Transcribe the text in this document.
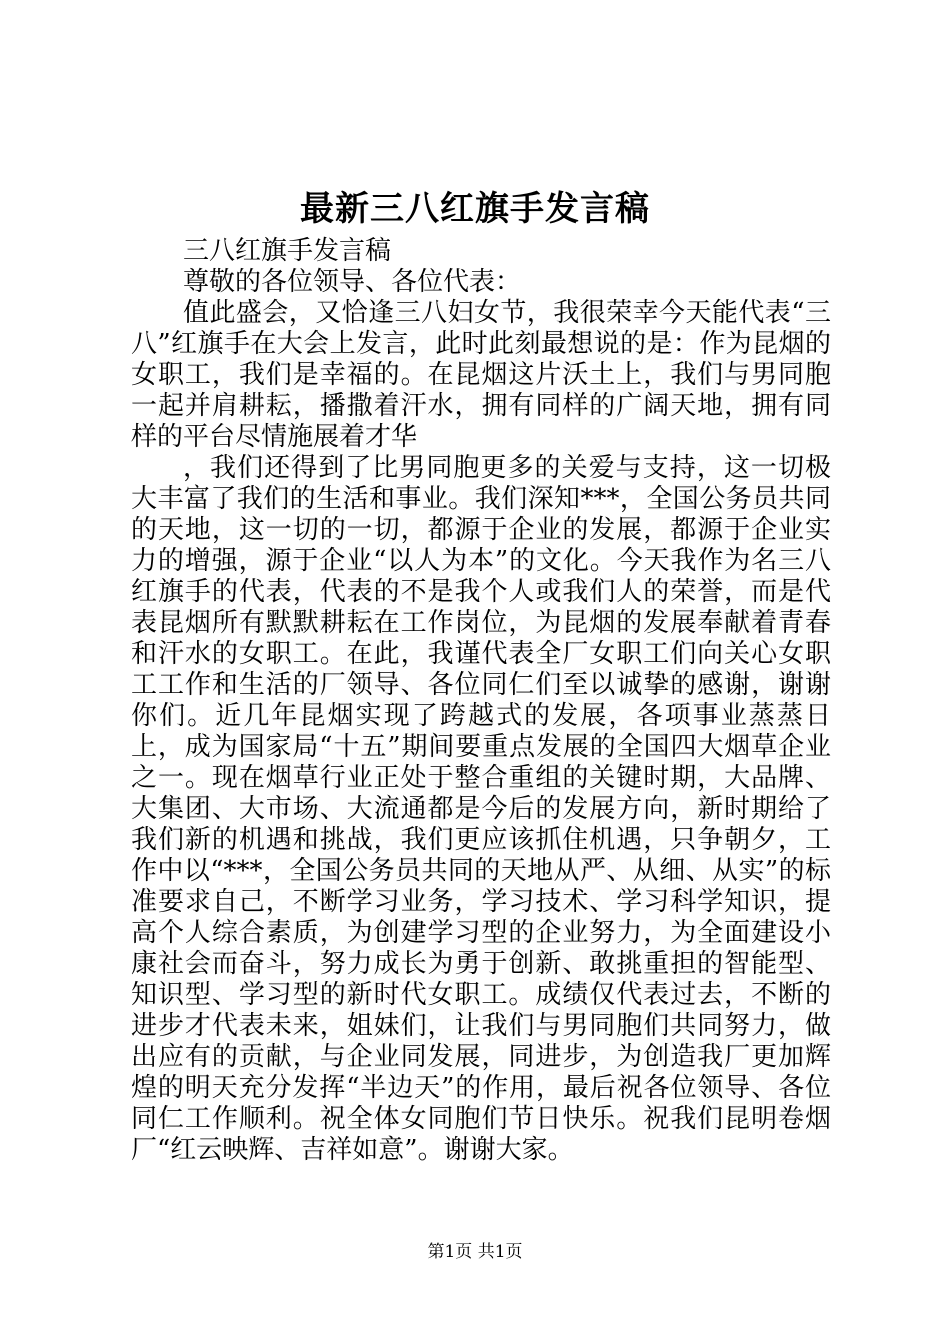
最新三八红旗手发言稿

三八红旗手发言稿

尊敬的各位领导、各位代表：

值此盛会，又恰逢三八妇女节，我很荣幸今天能代表“三八”红旗手在大会上发言，此时此刻最想说的是：作为昆烟的女职工，我们是幸福的。在昆烟这片沃土上，我们与男同胞一起并肩耕耘，播撒着汗水，拥有同样的广阔天地，拥有同样的平台尽情施展着才华

，我们还得到了比男同胞更多的关爱与支持，这一切极大丰富了我们的生活和事业。我们深知***，全国公务员共同的天地，这一切的一切，都源于企业的发展，都源于企业实力的增强，源于企业“以人为本”的文化。今天我作为名三八红旗手的代表，代表的不是我个人或我们人的荣誉，而是代表昆烟所有默默耕耘在工作岗位，为昆烟的发展奉献着青春和汗水的女职工。在此，我谨代表全厂女职工们向关心女职工工作和生活的厂领导、各位同仁们至以诚挚的感谢，谢谢你们。近几年昆烟实现了跨越式的发展，各项事业蒸蒸日上，成为国家局“十五”期间要重点发展的全国四大烟草企业之一。现在烟草行业正处于整合重组的关键时期，大品牌、大集团、大市场、大流通都是今后的发展方向，新时期给了我们新的机遇和挑战，我们更应该抓住机遇，只争朝夕，工作中以“***，全国公务员共同的天地从严、从细、从实”的标准要求自己，不断学习业务，学习技术、学习科学知识，提高个人综合素质，为创建学习型的企业努力，为全面建设小康社会而奋斗，努力成长为勇于创新、敢挑重担的智能型、知识型、学习型的新时代女职工。成绩仅代表过去，不断的进步才代表未来，姐妹们，让我们与男同胞们共同努力，做出应有的贡献，与企业同发展，同进步，为创造我厂更加辉煌的明天充分发挥“半边天”的作用，最后祝各位领导、各位同仁工作顺利。祝全体女同胞们节日快乐。祝我们昆明卷烟厂“红云映辉、吉祥如意”。谢谢大家。

第1页 共1页
